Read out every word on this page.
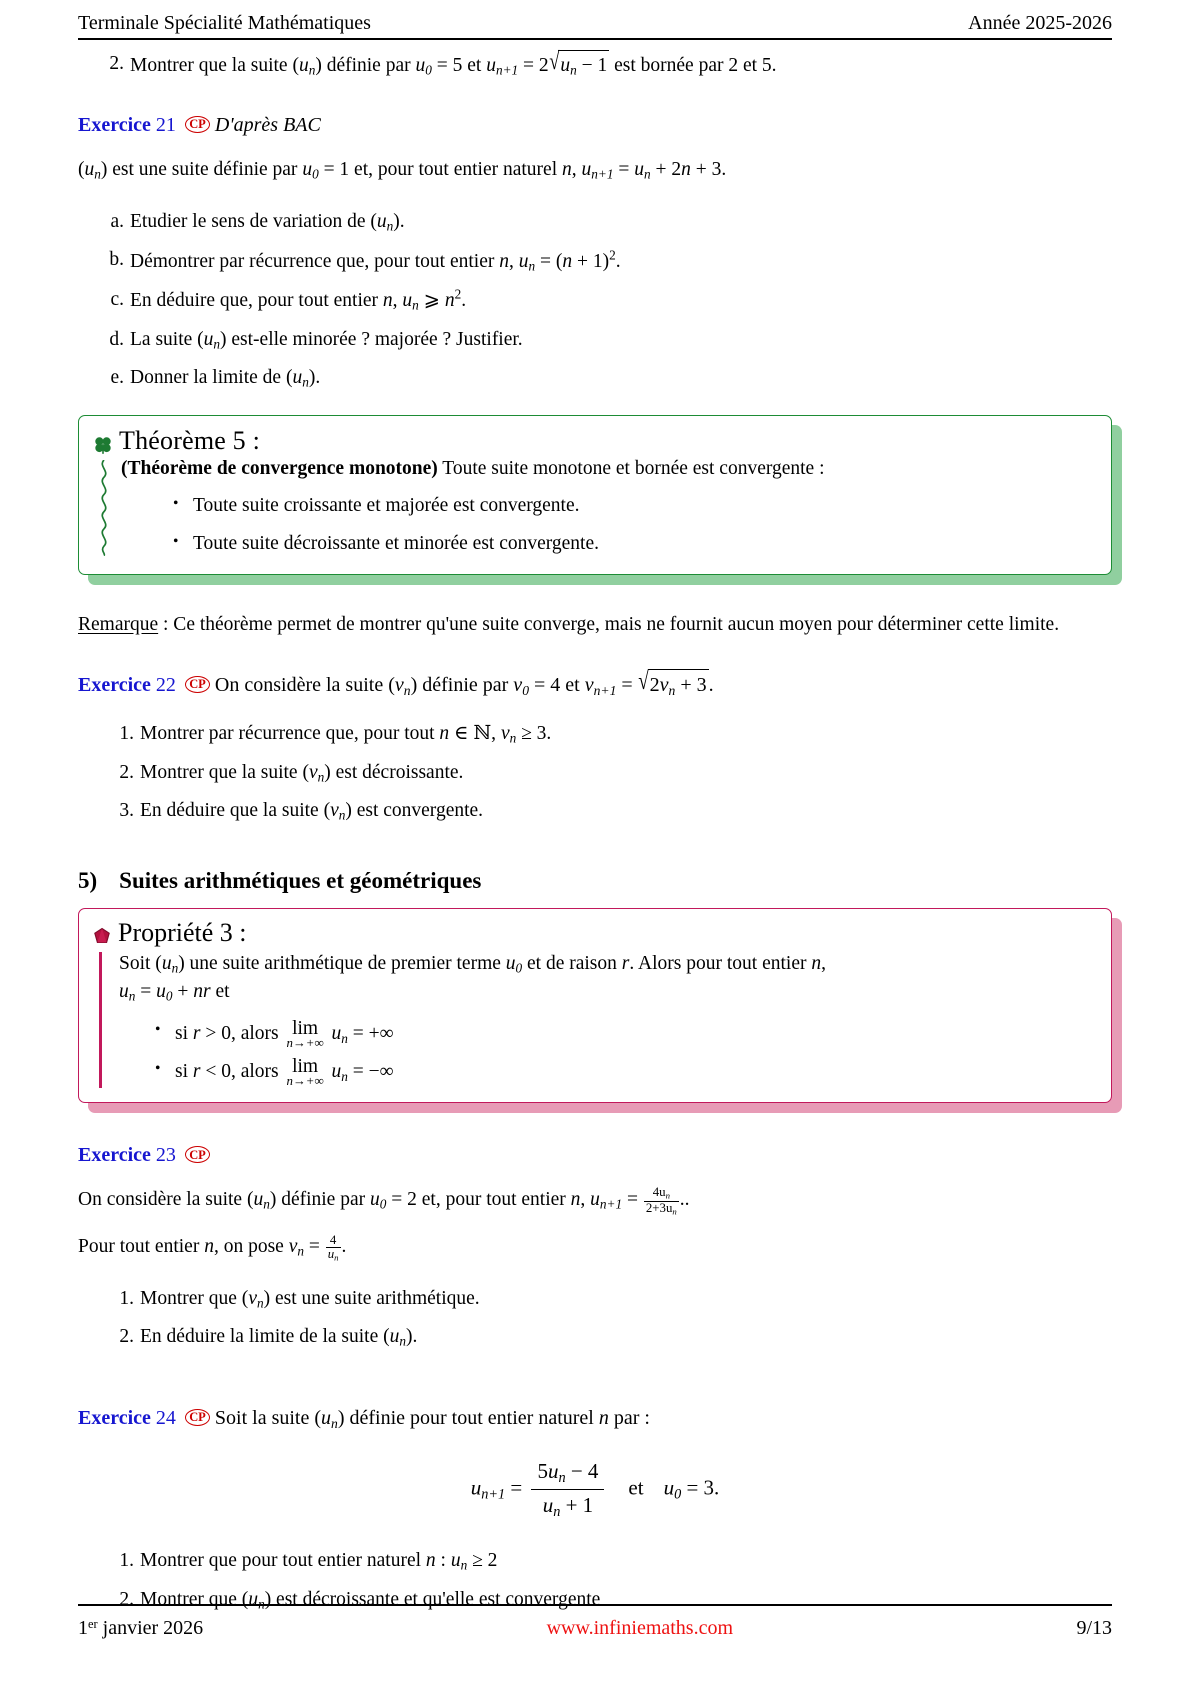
Terminale Spécialité Mathématiques	Année 2025-2026
2. Montrer que la suite $(u_n)$ définie par $u_0 = 5$ et $u_{n+1} = 2√u_n - 1$ est bornée par 2 et 5.
Exercice 21	CP D'après BAC
$(u_n)$ est une suite définie par $u_0 = 1$ et, pour tout entier naturel n, $u_{n+1} = u_n + 2n + 3$.
a. Etudier le sens de variation de $(u_n)$.
b. Démontrer par récurrence que, pour tout entier n, $u_n = (n + 1)^2$.
c. En déduire que, pour tout entier n, $u_n$ ⩾ $n^2$.
d. La suite $(u_n)$ est-elle minorée ? majorée ? Justifier.
e. Donner la limite de $(u_n)$.
Théorème 5 :
(Théorème de convergence monotone) Toute suite monotone et bornée est convergente :
• Toute suite croissante et majorée est convergente.
• Toute suite décroissante et minorée est convergente.
Remarque : Ce théorème permet de montrer qu'une suite converge, mais ne fournit aucun moyen pour déterminer cette limite.
Exercice 22	CP On considère la suite $(v_n)$ définie par $v_0 = 4$ et $v_{n+1} = √2v_n + 3$ .
1. Montrer par récurrence que, pour tout n ∈ ℕ, $v_n \ge 3$.
2. Montrer que la suite $(v_n)$ est décroissante.
3. En déduire que la suite $(v_n)$ est convergente.
5) Suites arithmétiques et géométriques
Propriété 3 :
Soit $(u_n)$ une suite arithmétique de premier terme $u_0$ et de raison r. Alors pour tout entier n,
$u_n = u_0$ + nr et
• si r > 0, alors lim
n→+∞ $u_n$ = +∞
• si r < 0, alors lim
n→+∞ $u_n$ = −∞
Exercice 23	CP
On considère la suite $(u_n)$ définie par $u_0 = 2$ et, pour tout entier n, $u_{n+1} = \frac{4u_n}{2+3u_n}$ ..
Pour tout entier n, on pose $v_n = \frac{4}{u_n}$ .
1. Montrer que $(v_n)$ est une suite arithmétique.
2. En déduire la limite de la suite $(u_n)$.
Exercice 24	CP Soit la suite $(u_n)$ définie pour tout entier naturel n par :
$u_{n+1} = \frac{5u_n - 4}{u_n + 1}$ et $u_0 = 3$.
1. Montrer que pour tout entier naturel n : $u_n \ge 2$
2. Montrer que $(u_n)$ est décroissante et qu'elle est convergente
1er janvier 2026	www.infiniemaths.com	9/13
